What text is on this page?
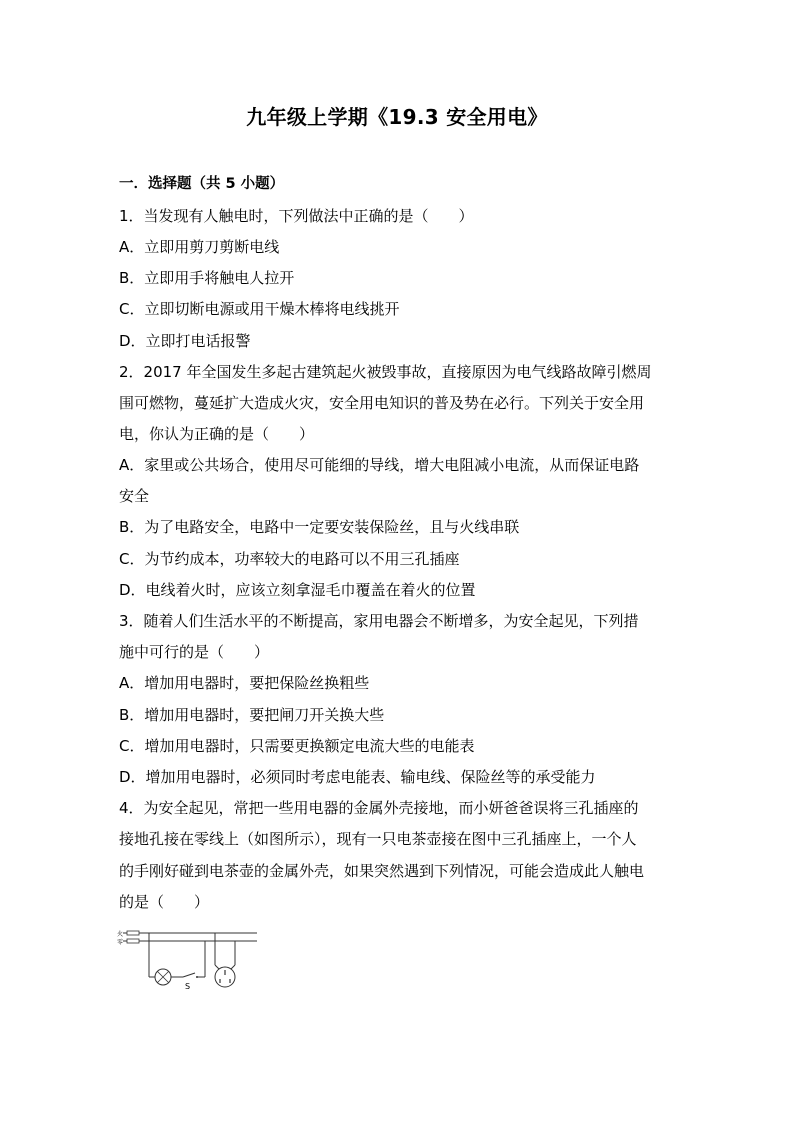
九年级上学期《19.3 安全用电》
一．选择题（共 5 小题）
1．当发现有人触电时，下列做法中正确的是（　　）
A．立即用剪刀剪断电线
B．立即用手将触电人拉开
C．立即切断电源或用干燥木棒将电线挑开
D．立即打电话报警
2．2017 年全国发生多起古建筑起火被毁事故，直接原因为电气线路故障引燃周
围可燃物，蔓延扩大造成火灾，安全用电知识的普及势在必行。下列关于安全用
电，你认为正确的是（　　）
A．家里或公共场合，使用尽可能细的导线，增大电阻减小电流，从而保证电路
安全
B．为了电路安全，电路中一定要安装保险丝，且与火线串联
C．为节约成本，功率较大的电路可以不用三孔插座
D．电线着火时，应该立刻拿湿毛巾覆盖在着火的位置
3．随着人们生活水平的不断提高，家用电器会不断增多，为安全起见，下列措
施中可行的是（　　）
A．增加用电器时，要把保险丝换粗些
B．增加用电器时，要把闸刀开关换大些
C．增加用电器时，只需要更换额定电流大些的电能表
D．增加用电器时，必须同时考虑电能表、输电线、保险丝等的承受能力
4．为安全起见，常把一些用电器的金属外壳接地，而小妍爸爸误将三孔插座的
接地孔接在零线上（如图所示），现有一只电茶壶接在图中三孔插座上，一个人
的手刚好碰到电茶壶的金属外壳，如果突然遇到下列情况，可能会造成此人触电
的是（　　）
火
零
S
